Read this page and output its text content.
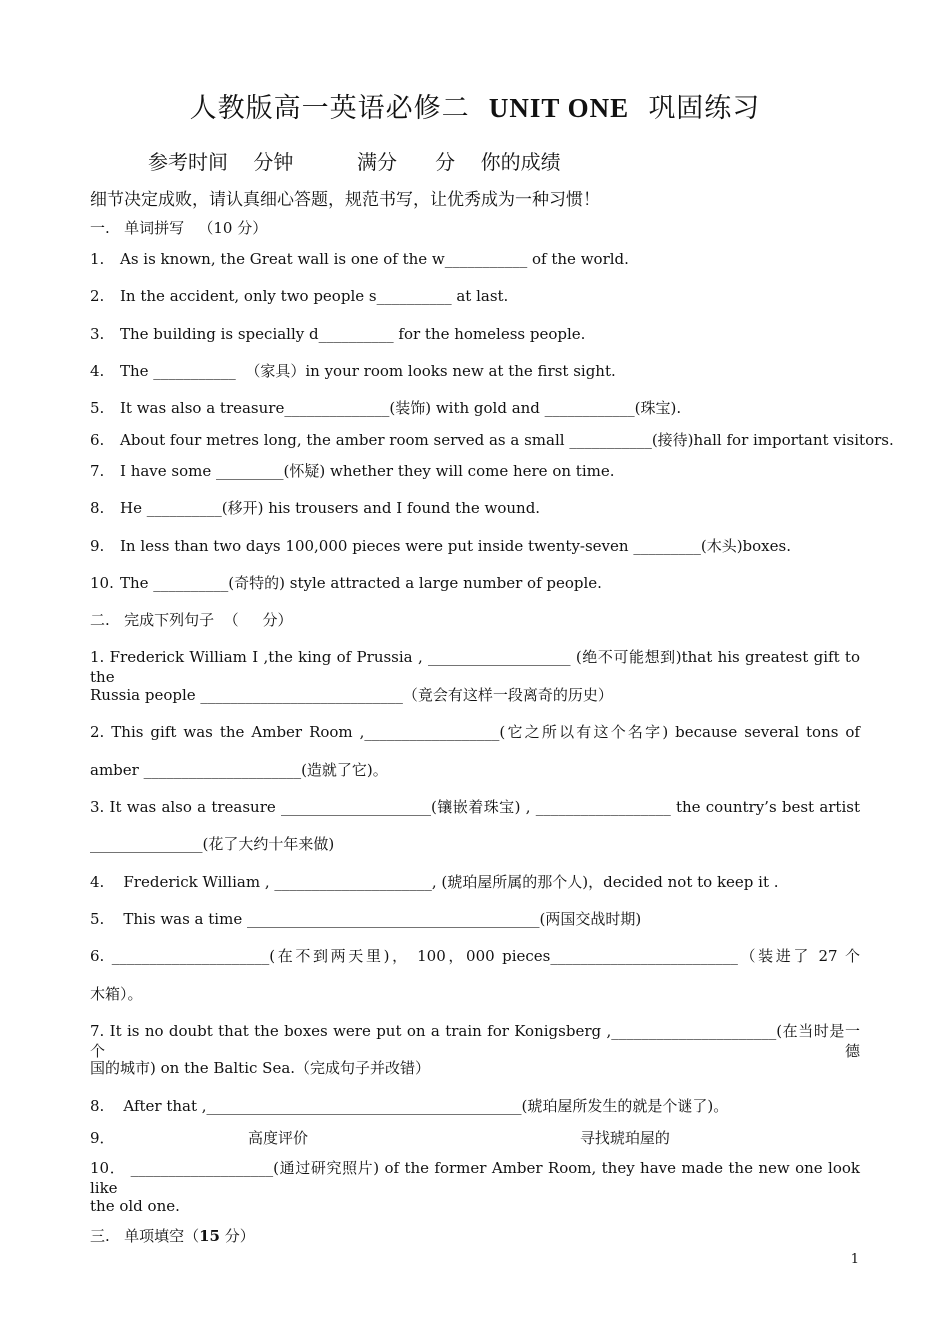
人教版高一英语必修二 UNIT ONE 巩固练习
参考时间    分钟          满分      分    你的成绩
细节决定成败，请认真细心答题，规范书写，让优秀成为一种习惯！
一.   单词拼写   （10 分）
1. As is known, the Great wall is one of the w___________ of the world.
2. In the accident, only two people s__________ at last.
3. The building is specially d__________ for the homeless people.
4. The ___________  （家具）in your room looks new at the first sight.
5. It was also a treasure______________(装饰) with gold and ____________(珠宝).
6. About four metres long, the amber room served as a small ___________(接待)hall for important visitors.
7. I have some _________(怀疑) whether they will come here on time.
8. He __________(移开) his trousers and I found the wound.
9. In less than two days 100,000 pieces were put inside twenty-seven _________(木头)boxes.
10. The __________(奇特的) style attracted a large number of people.
二.   完成下列句子  （     分）
1. Frederick William I ,the king of Prussia , ___________________ (绝不可能想到)that his greatest gift to the
Russia people ___________________________（竟会有这样一段离奇的历史）
2. This gift was the Amber Room ,__________________(它之所以有这个名字) because several tons of
amber _____________________(造就了它)。
3. It was also a treasure ____________________(镶嵌着珠宝) , __________________ the country’s best artist
_______________(花了大约十年来做)
4.    Frederick William , _____________________, (琥珀屋所属的那个人)，decided not to keep it .
5.    This was a time _______________________________________(两国交战时期)
6. _____________________(在不到两天里)， 100，000 pieces_________________________（装进了 27 个
木箱）。
7. It is no doubt that the boxes were put on a train for Konigsberg ,______________________(在当时是一个德
国的城市) on the Baltic Sea.（完成句子并改错）
8.    After that ,__________________________________________(琥珀屋所发生的就是个谜了)。
9．                            高度评价                                                         寻找琥珀屋的
10． ___________________(通过研究照片) of the former Amber Room, they have made the new one look like
the old one.
三.   单项填空（15 分）
1
